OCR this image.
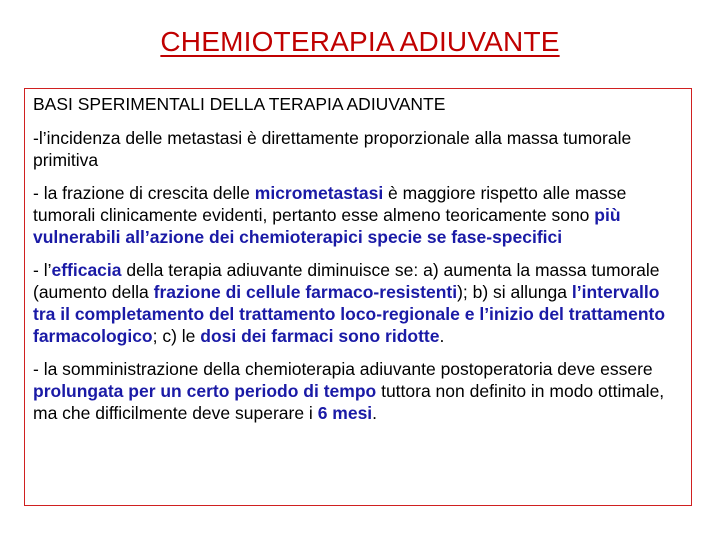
CHEMIOTERAPIA ADIUVANTE
BASI SPERIMENTALI DELLA TERAPIA ADIUVANTE
-l’incidenza delle metastasi è direttamente proporzionale alla massa tumorale primitiva
- la frazione di crescita delle micrometastasi è maggiore rispetto alle masse tumorali clinicamente evidenti, pertanto esse almeno teoricamente sono più vulnerabili all’azione dei chemioterapici specie se fase-specifici
- l’efficacia della terapia adiuvante diminuisce se: a) aumenta la massa tumorale (aumento della frazione di cellule farmaco-resistenti); b) si allunga l’intervallo tra il completamento del trattamento loco-regionale e l’inizio del trattamento farmacologico; c) le dosi dei farmaci sono ridotte.
- la somministrazione della chemioterapia adiuvante postoperatoria deve essere prolungata per un certo periodo di tempo tuttora non definito in modo ottimale, ma che difficilmente deve superare i 6 mesi.
